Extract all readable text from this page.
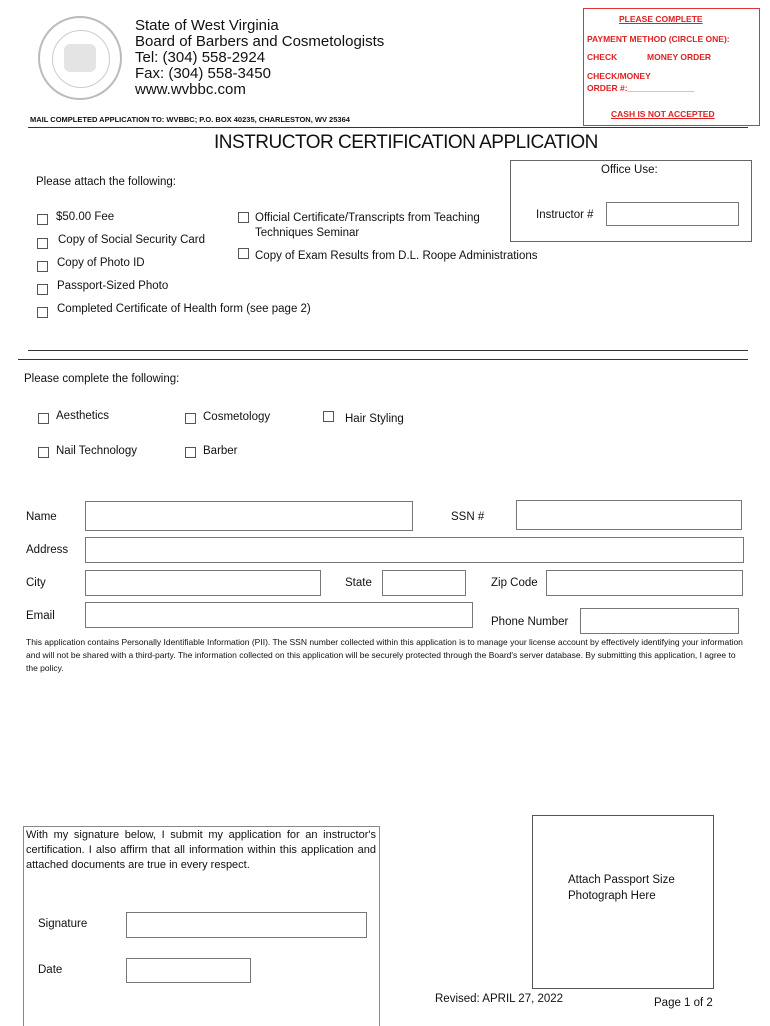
State of West Virginia
Board of Barbers and Cosmetologists
Tel: (304) 558-2924
Fax: (304) 558-3450
www.wvbbc.com
PLEASE COMPLETE
PAYMENT METHOD (CIRCLE ONE):
CHECK	MONEY ORDER
CHECK/MONEY
ORDER #:______________
CASH IS NOT ACCEPTED
MAIL COMPLETED APPLICATION TO: WVBBC; P.O. BOX 40235, CHARLESTON, WV 25364
INSTRUCTOR CERTIFICATION APPLICATION
Office Use:
Instructor #
Please attach the following:
$50.00 Fee
Copy of Social Security Card
Copy of Photo ID
Passport-Sized Photo
Completed Certificate of Health form (see page 2)
Official Certificate/Transcripts from Teaching Techniques Seminar
Copy of Exam Results from D.L. Roope Administrations
Please complete the following:
Aesthetics	Cosmetology	Hair Styling
Nail Technology	Barber
Name	SSN #
Address
City	State	Zip Code
Email	Phone Number
This application contains Personally Identifiable Information (PII). The SSN number collected within this application is to manage your license account by effectively identifying your information and will not be shared with a third-party. The information collected on this application will be securely protected through the Board's server database. By submitting this application, I agree to the policy.
With my signature below, I submit my application for an instructor's certification. I also affirm that all information within this application and attached documents are true in every respect.
Signature
Date
Attach Passport Size
Photograph Here
Revised: APRIL 27, 2022	Page 1 of 2
